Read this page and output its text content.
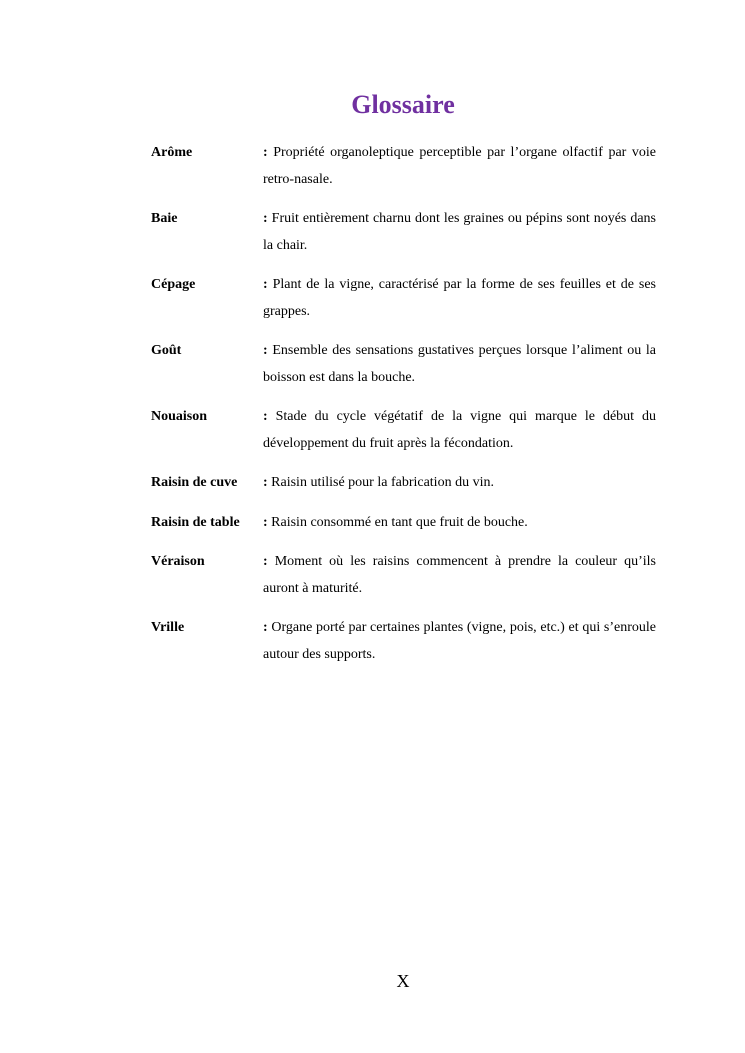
Glossaire
Arôme	: Propriété organoleptique perceptible par l’organe olfactif par voie retro-nasale.
Baie	: Fruit entièrement charnu dont les graines ou pépins sont noyés dans la chair.
Cépage	: Plant de la vigne, caractérisé par la forme de ses feuilles et de ses grappes.
Goût	: Ensemble des sensations gustatives perçues lorsque l’aliment ou la boisson est dans la bouche.
Nouaison	: Stade du cycle végétatif de la vigne qui marque le début du développement du fruit après la fécondation.
Raisin de cuve	: Raisin utilisé pour la fabrication du vin.
Raisin de table	: Raisin consommé en tant que fruit de bouche.
Véraison	: Moment où les raisins commencent à prendre la couleur qu’ils auront à maturité.
Vrille	: Organe porté par certaines plantes (vigne, pois, etc.) et qui s’enroule autour des supports.
X
